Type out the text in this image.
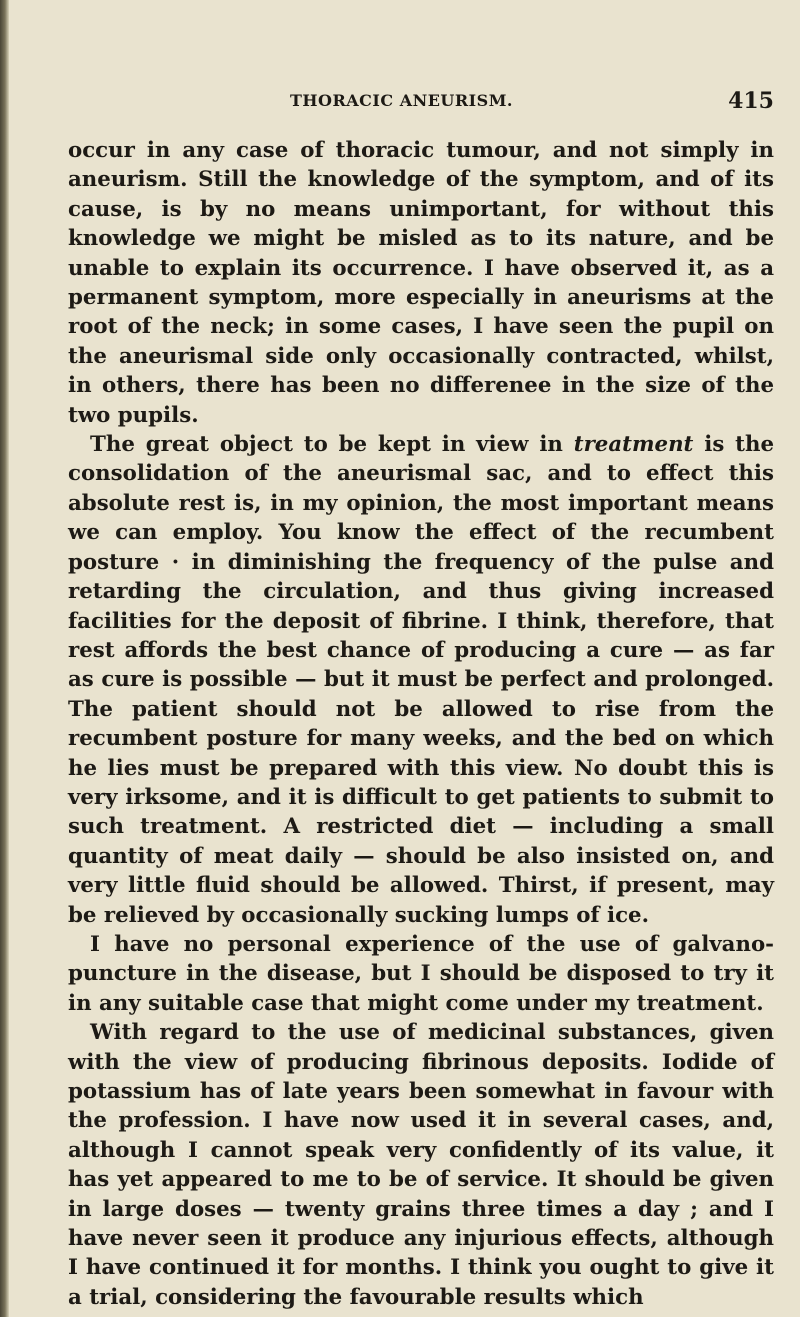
THORACIC ANEURISM.	415

occur in any case of thoracic tumour, and not simply in aneurism. Still the knowledge of the symptom, and of its cause, is by no means unimportant, for without this knowledge we might be misled as to its nature, and be unable to explain its occurrence. I have observed it, as a permanent symptom, more especially in aneurisms at the root of the neck; in some cases, I have seen the pupil on the aneurismal side only occasionally contracted, whilst, in others, there has been no differenee in the size of the two pupils.

The great object to be kept in view in treatment is the consolidation of the aneurismal sac, and to effect this absolute rest is, in my opinion, the most important means we can employ. You know the effect of the recumbent posture · in diminishing the frequency of the pulse and retarding the circulation, and thus giving increased facilities for the deposit of fibrine. I think, therefore, that rest affords the best chance of producing a cure — as far as cure is possible — but it must be perfect and prolonged. The patient should not be allowed to rise from the recumbent posture for many weeks, and the bed on which he lies must be prepared with this view. No doubt this is very irksome, and it is difficult to get patients to submit to such treatment. A restricted diet — including a small quantity of meat daily — should be also insisted on, and very little fluid should be allowed. Thirst, if present, may be relieved by occasionally sucking lumps of ice.

I have no personal experience of the use of galvano-puncture in the disease, but I should be disposed to try it in any suitable case that might come under my treatment.

With regard to the use of medicinal substances, given with the view of producing fibrinous deposits. Iodide of potassium has of late years been somewhat in favour with the profession. I have now used it in several cases, and, although I cannot speak very confidently of its value, it has yet appeared to me to be of service. It should be given in large doses — twenty grains three times a day ; and I have never seen it produce any injurious effects, although I have continued it for months. I think you ought to give it a trial, considering the favourable results which
